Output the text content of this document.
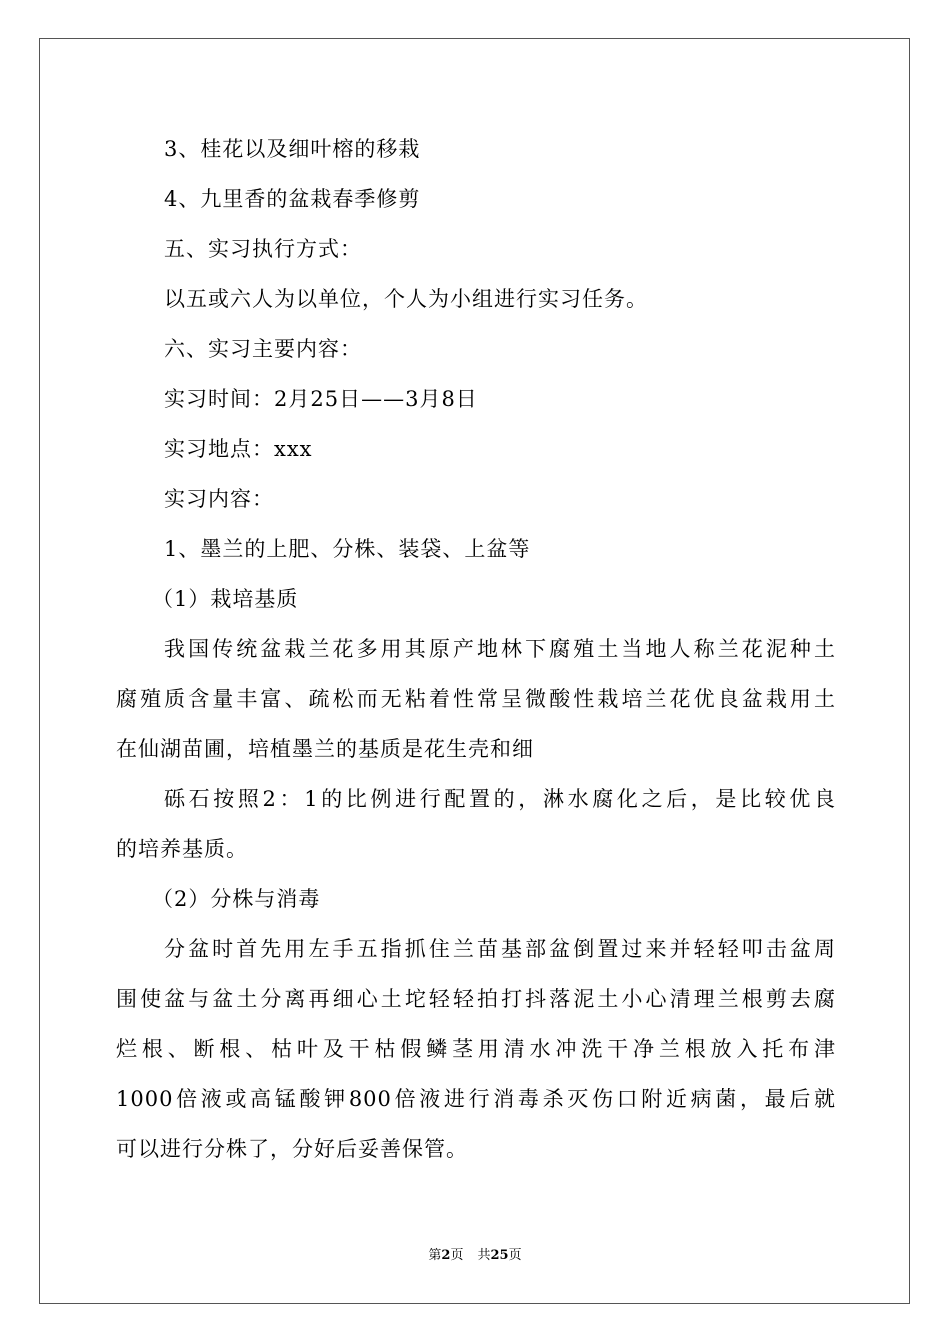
3、桂花以及细叶榕的移栽
4、九里香的盆栽春季修剪
五、实习执行方式：
以五或六人为以单位，个人为小组进行实习任务。
六、实习主要内容：
实习时间：2月25日——3月8日
实习地点：xxx
实习内容：
1、墨兰的上肥、分株、装袋、上盆等
（1）栽培基质
我国传统盆栽兰花多用其原产地林下腐殖土当地人称兰花泥种土
腐殖质含量丰富、疏松而无粘着性常呈微酸性栽培兰花优良盆栽用土
在仙湖苗圃，培植墨兰的基质是花生壳和细
砾石按照2：1的比例进行配置的，淋水腐化之后，是比较优良
的培养基质。
（2）分株与消毒
分盆时首先用左手五指抓住兰苗基部盆倒置过来并轻轻叩击盆周
围使盆与盆土分离再细心土坨轻轻拍打抖落泥土小心清理兰根剪去腐
烂根、断根、枯叶及干枯假鳞茎用清水冲洗干净兰根放入托布津
1000倍液或高锰酸钾800倍液进行消毒杀灭伤口附近病菌，最后就
可以进行分株了，分好后妥善保管。
第2页 共25页
